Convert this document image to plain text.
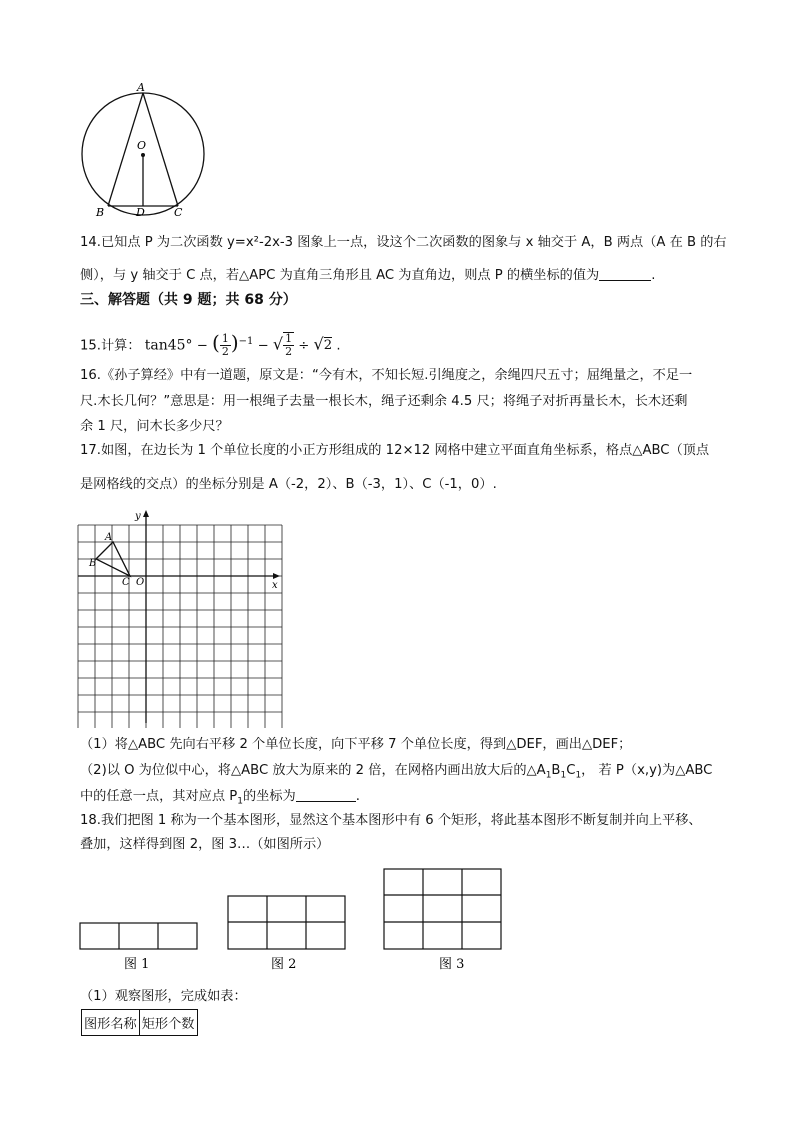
A
O
B	D	C
14.已知点 P 为二次函数 y=x²-2x-3 图象上一点，设这个二次函数的图象与 x 轴交于 A，B 两点（A 在 B 的右
侧），与 y 轴交于 C 点，若△APC 为直角三角形且 AC 为直角边，则点 P 的横坐标的值为	.
三、解答题（共 9 题；共 68 分）
15.计算： tan45° − ( $\frac{1}{2} )^{-1}$ − √ $\frac{1}{2} \div √2$ .
16.《孙子算经》中有一道题，原文是：“今有木，不知长短.引绳度之，余绳四尺五寸；屈绳量之，不足一
尺.木长几何？”意思是：用一根绳子去量一根长木，绳子还剩余 4.5 尺；将绳子对折再量长木，长木还剩
余 1 尺，问木长多少尺？
17.如图，在边长为 1 个单位长度的小正方形组成的 12×12 网格中建立平面直角坐标系，格点△ABC（顶点
是网格线的交点）的坐标分别是 A（-2，2）、B（-3，1）、C（-1，0）.
y
x
A
B
C O
（1）将△ABC 先向右平移 2 个单位长度，向下平移 7 个单位长度，得到△DEF，画出△DEF；
（2)以 O 为位似中心，将△ABC 放大为原来的 2 倍，在网格内画出放大后的$\triangle A_1B_1C_1$， 若 P（x,y)为△ABC
中的任意一点，其对应点 $P_1$的坐标为	.
18.我们把图 1 称为一个基本图形，显然这个基本图形中有 6 个矩形，将此基本图形不断复制并向上平移、
叠加，这样得到图 2，图 3…（如图所示）
图 1	图 2	图 3
（1）观察图形，完成如表：
图形名称	矩形个数
